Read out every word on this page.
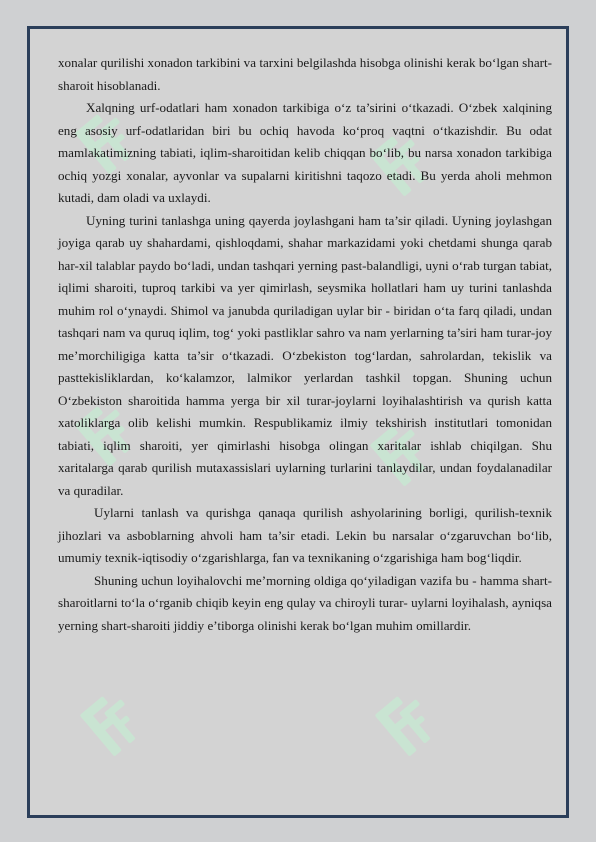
xonalar qurilishi xonadon tarkibini va tarxini belgilashda hisobga olinishi kerak bo‘lgan shart-sharoit hisoblanadi.

Xalqning urf-odatlari ham xonadon tarkibiga o‘z ta’sirini o‘tkazadi. O‘zbek xalqining eng asosiy urf-odatlaridan biri bu ochiq havoda ko‘proq vaqtni o‘tkazishdir. Bu odat mamlakatimizning tabiati, iqlim-sharoitidan kelib chiqqan bo‘lib, bu narsa xonadon tarkibiga ochiq yozgi xonalar, ayvonlar va supalarni kiritishni taqozo etadi. Bu yerda aholi mehmon kutadi, dam oladi va uxlaydi.

Uyning turini tanlashga uning qayerda joylashgani ham ta’sir qiladi. Uyning joylashgan joyiga qarab uy shahardami, qishloqdami, shahar markazidami yoki chetdami shunga qarab har-xil talablar paydo bo‘ladi, undan tashqari yerning past-balandligi, uyni o‘rab turgan tabiat, iqlimi sharoiti, tuproq tarkibi va yer qimirlash, seysmika hollatlari ham uy turini tanlashda muhim rol o‘ynaydi. Shimol va janubda quriladigan uylar bir - biridan o‘ta farq qiladi, undan tashqari nam va quruq iqlim, tog‘ yoki pastliklar sahro va nam yerlarning ta’siri ham turar-joy me’morchiligiga katta ta’sir o‘tkazadi. O‘zbekiston tog‘lardan, sahrolardan, tekislik va pasttekisliklardan, ko‘kalamzor, lalmikor yerlardan tashkil topgan. Shuning uchun O‘zbekiston sharoitida hamma yerga bir xil turar-joylarni loyihalashtirish va qurish katta xatoliklarga olib kelishi mumkin. Respublikamiz ilmiy tekshirish institutlari tomonidan tabiati, iqlim sharoiti, yer qimirlashi hisobga olingan xaritalar ishlab chiqilgan. Shu xaritalarga qarab qurilish mutaxassislari uylarning turlarini tanlaydilar, undan foydalanadilar va quradilar.

Uylarni tanlash va qurishga qanaqa qurilish ashyolarining borligi, qurilish-texnik jihozlari va asboblarning ahvoli ham ta’sir etadi. Lekin bu narsalar o‘zgaruvchan bo‘lib, umumiy texnik-iqtisodiy o‘zgarishlarga, fan va texnikaning o‘zgarishiga ham bog‘liqdir.

Shuning uchun loyihalovchi me’morning oldiga qo‘yiladigan vazifa bu - hamma shart-sharoitlarni to‘la o‘rganib chiqib keyin eng qulay va chiroyli turar- uylarni loyihalash, ayniqsa yerning shart-sharoiti jiddiy e’tiborga olinishi kerak bo‘lgan muhim omillardir.
